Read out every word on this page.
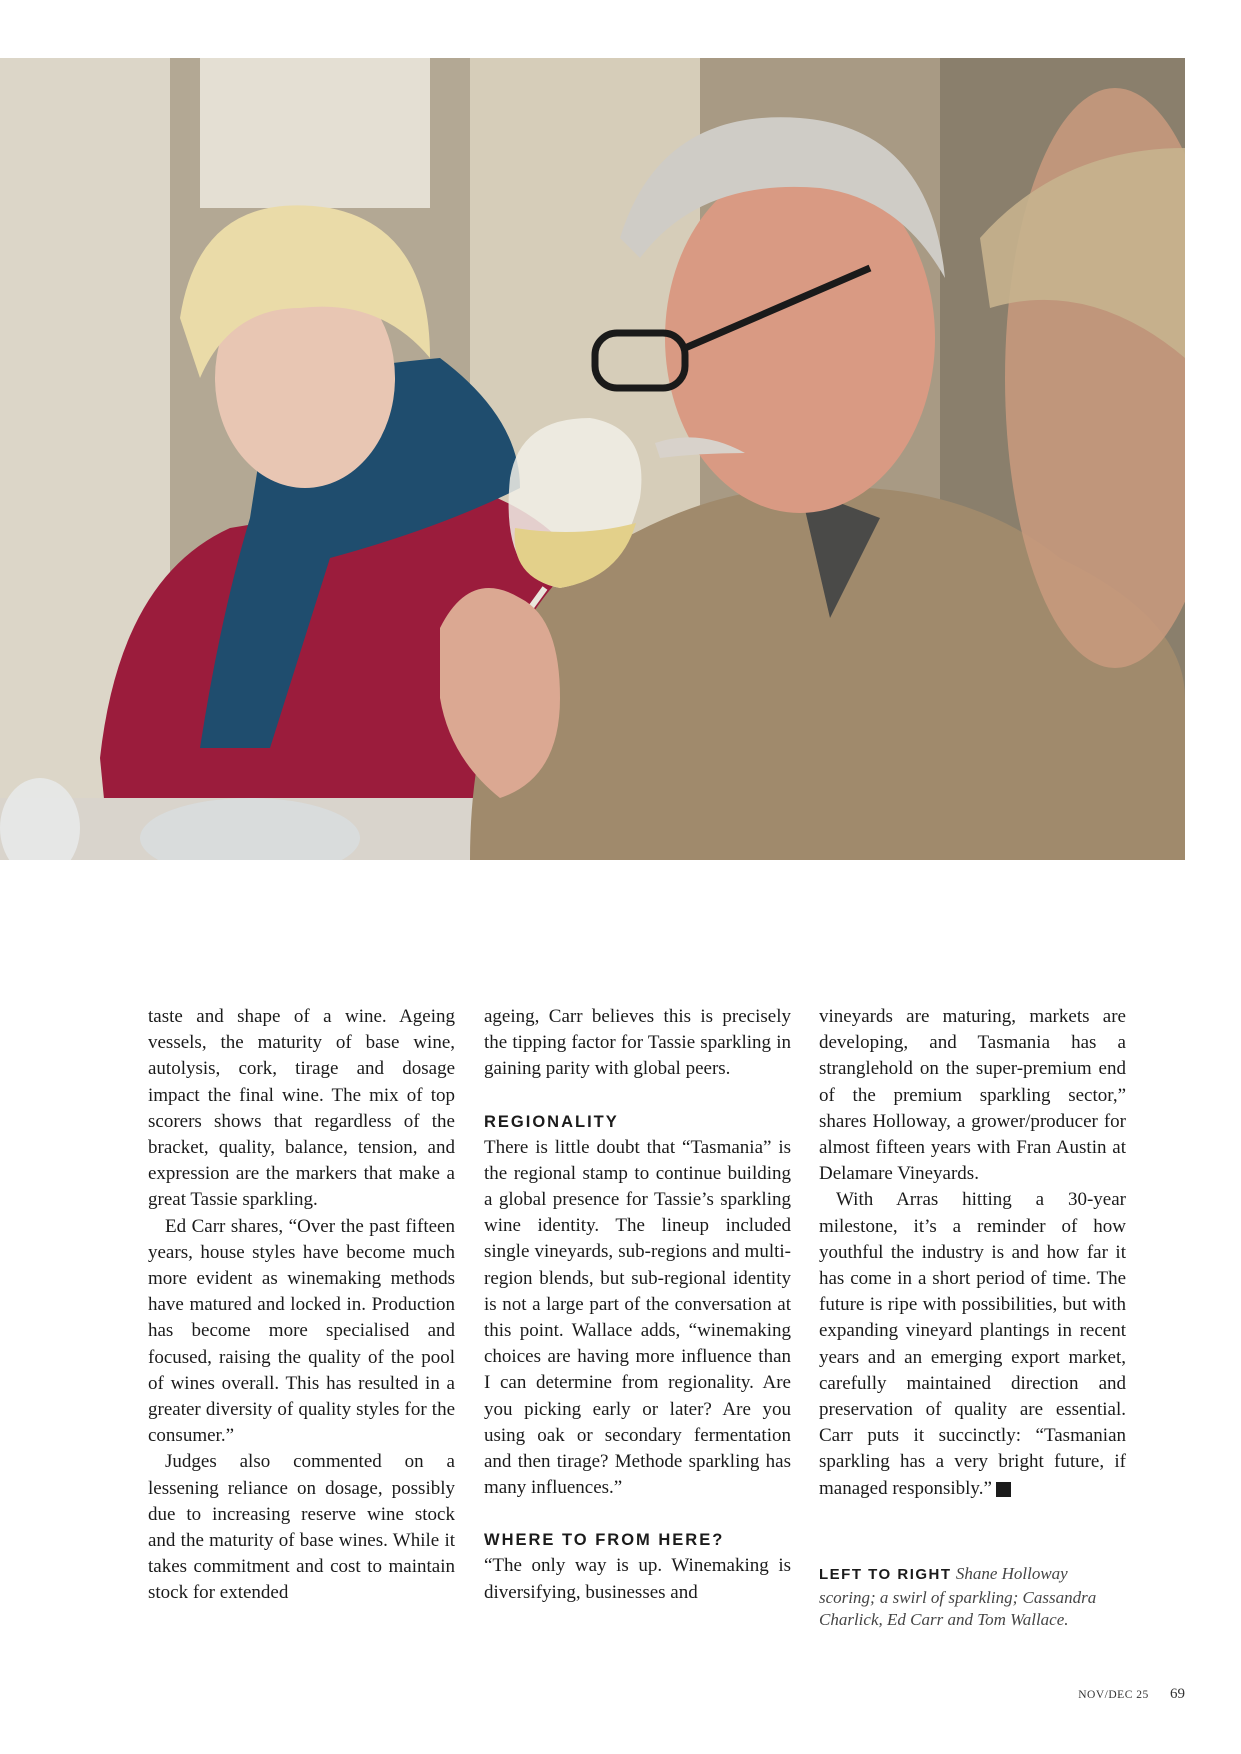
taste and shape of a wine. Ageing vessels, the maturity of base wine, autolysis, cork, tirage and dosage impact the final wine. The mix of top scorers shows that regardless of the bracket, quality, balance, tension, and expression are the markers that make a great Tassie sparkling.

Ed Carr shares, “Over the past fifteen years, house styles have become much more evident as winemaking methods have matured and locked in. Production has become more specialised and focused, raising the quality of the pool of wines overall. This has resulted in a greater diversity of quality styles for the consumer.”

Judges also commented on a lessening reliance on dosage, possibly due to increasing reserve wine stock and the maturity of base wines. While it takes commitment and cost to maintain stock for extended

ageing, Carr believes this is precisely the tipping factor for Tassie sparkling in gaining parity with global peers.

REGIONALITY

There is little doubt that “Tasmania” is the regional stamp to continue building a global presence for Tassie’s sparkling wine identity. The lineup included single vineyards, sub-regions and multi-region blends, but sub-regional identity is not a large part of the conversation at this point. Wallace adds, “winemaking choices are having more influence than I can determine from regionality. Are you picking early or later? Are you using oak or secondary fermentation and then tirage? Methode sparkling has many influences.”

WHERE TO FROM HERE?

“The only way is up. Winemaking is diversifying, businesses and

vineyards are maturing, markets are developing, and Tasmania has a stranglehold on the super-premium end of the premium sparkling sector,” shares Holloway, a grower/producer for almost fifteen years with Fran Austin at Delamare Vineyards.

With Arras hitting a 30-year milestone, it’s a reminder of how youthful the industry is and how far it has come in a short period of time. The future is ripe with possibilities, but with expanding vineyard plantings in recent years and an emerging export market, carefully maintained direction and preservation of quality are essential. Carr puts it succinctly: “Tasmanian sparkling has a very bright future, if managed responsibly.” S

LEFT TO RIGHT Shane Holloway scoring; a swirl of sparkling; Cassandra Charlick, Ed Carr and Tom Wallace.
NOV/DEC 25 69
